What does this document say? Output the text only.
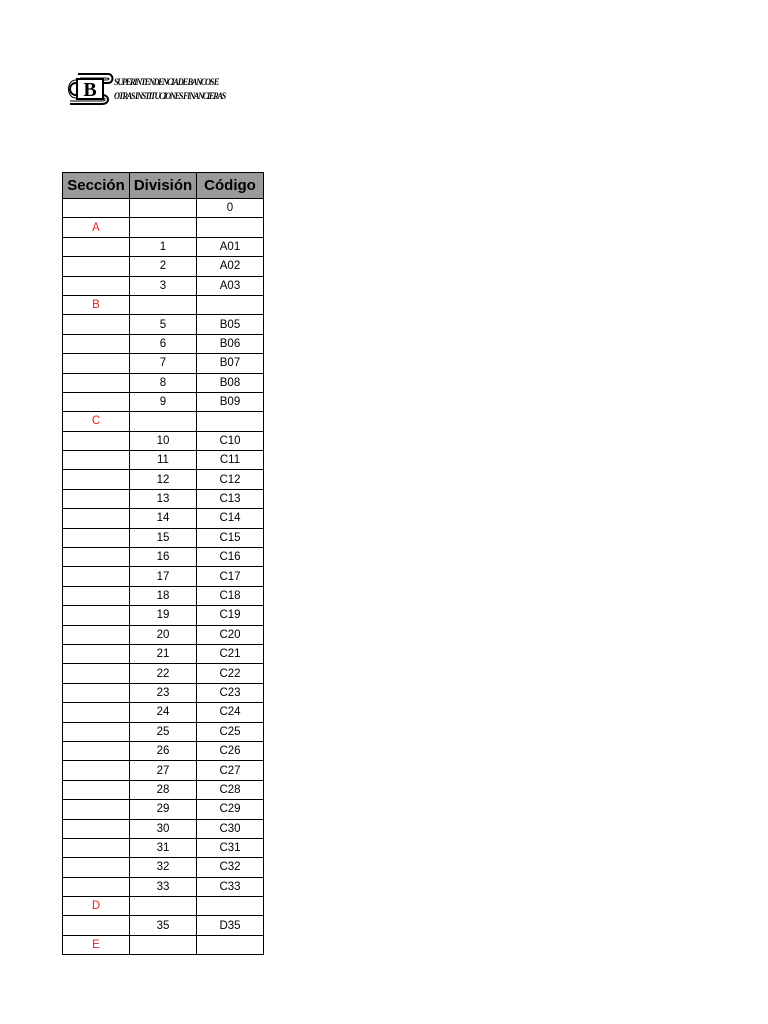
B SUPERINTENDENCIA DE BANCOS E
OTRAS INSTITUCIONES FINANCIERAS
Sección	División	Código
		0
A		
	1	A01
	2	A02
	3	A03
B		
	5	B05
	6	B06
	7	B07
	8	B08
	9	B09
C		
	10	C10
	11	C11
	12	C12
	13	C13
	14	C14
	15	C15
	16	C16
	17	C17
	18	C18
	19	C19
	20	C20
	21	C21
	22	C22
	23	C23
	24	C24
	25	C25
	26	C26
	27	C27
	28	C28
	29	C29
	30	C30
	31	C31
	32	C32
	33	C33
D		
	35	D35
E		
